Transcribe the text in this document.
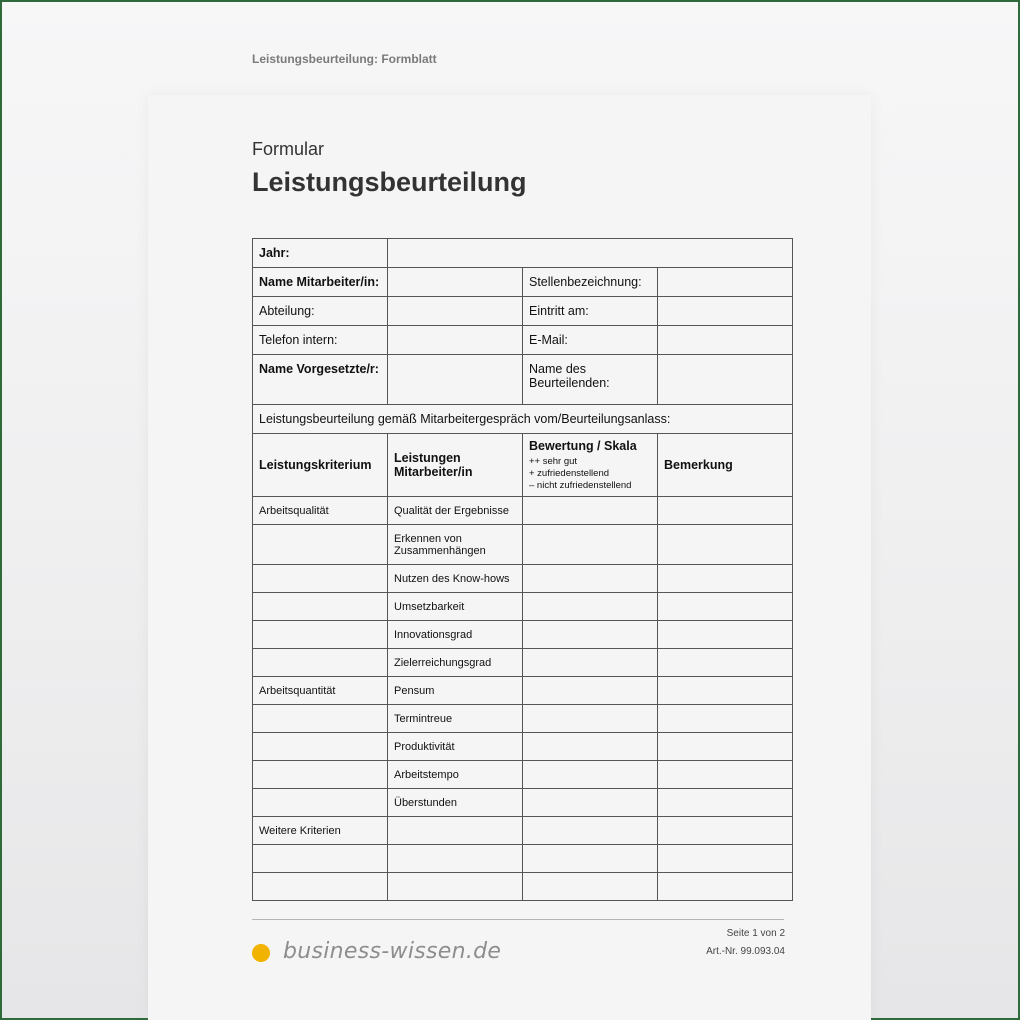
Leistungsbeurteilung: Formblatt
Formular
Leistungsbeurteilung
Jahr:			
Name Mitarbeiter/in:		Stellenbezeichnung:	
Abteilung:		Eintritt am:	
Telefon intern:		E-Mail:	
Name Vorgesetzte/r:		Name des Beurteilenden:	
Leistungsbeurteilung gemäß Mitarbeitergespräch vom/Beurteilungsanlass:			
Leistungskriterium	Leistungen Mitarbeiter/in	Bewertung / Skala
++ sehr gut
+ zufriedenstellend
– nicht zufriedenstellend	Bemerkung
Arbeitsqualität	Qualität der Ergebnisse		
	Erkennen von Zusammenhängen		
	Nutzen des Know-hows		
	Umsetzbarkeit		
	Innovationsgrad		
	Zielerreichungsgrad		
Arbeitsquantität	Pensum		
	Termintreue		
	Produktivität		
	Arbeitstempo		
	Überstunden		
Weitere Kriterien			

business-wissen.de
Seite 1 von 2
Art.-Nr. 99.093.04
